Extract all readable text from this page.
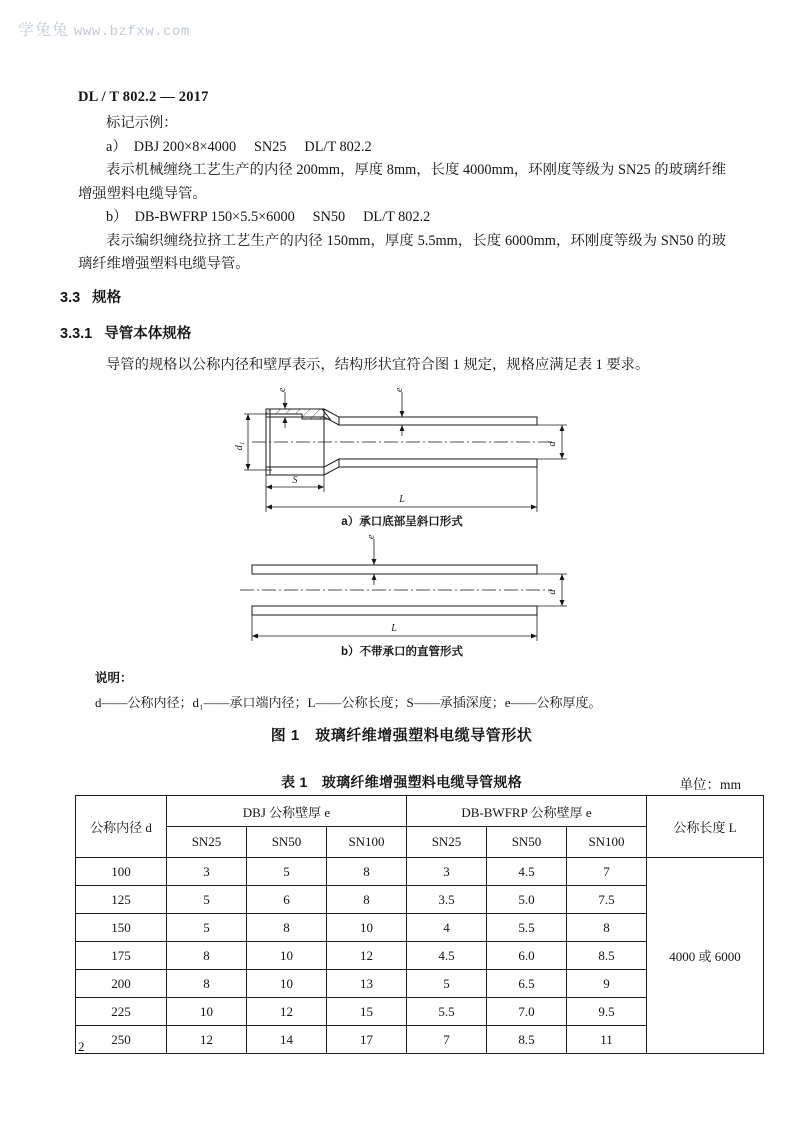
学兔兔 www.bzfxw.com
DL / T 802.2 — 2017

标记示例：

a）　DBJ 200×8×4000　 SN25　 DL/T 802.2

表示机械缠绕工艺生产的内径 200mm，厚度 8mm，长度 4000mm，环刚度等级为 SN25 的玻璃纤维增强塑料电缆导管。

b）　DB-BWFRP 150×5.5×6000　 SN50　 DL/T 802.2

表示编织缠绕拉挤工艺生产的内径 150mm，厚度 5.5mm，长度 6000mm，环刚度等级为 SN50 的玻璃纤维增强塑料电缆导管。

3.3 规格
3.3.1 导管本体规格

导管的规格以公称内径和壁厚表示，结构形状宜符合图 1 规定，规格应满足表 1 要求。

e	e
d₁	d
S
L
a）承口底部呈斜口形式
e
d
L
b）不带承口的直管形式
说明：
d——公称内径；d₁——承口端内径；L——公称长度；S——承插深度；e——公称厚度。
图 1　玻璃纤维增强塑料电缆导管形状
表 1　玻璃纤维增强塑料电缆导管规格	单位：mm
公称内径 d	DBJ 公称壁厚 e			DB-BWFRP 公称壁厚 e			公称长度 L
	SN25	SN50	SN100	SN25	SN50	SN100	
100	3	5	8	3	4.5	7	4000 或 6000
125	5	6	8	3.5	5.0	7.5	
150	5	8	10	4	5.5	8	
175	8	10	12	4.5	6.0	8.5	
200	8	10	13	5	6.5	9	
225	10	12	15	5.5	7.0	9.5	
250	12	14	17	7	8.5	11	
2
